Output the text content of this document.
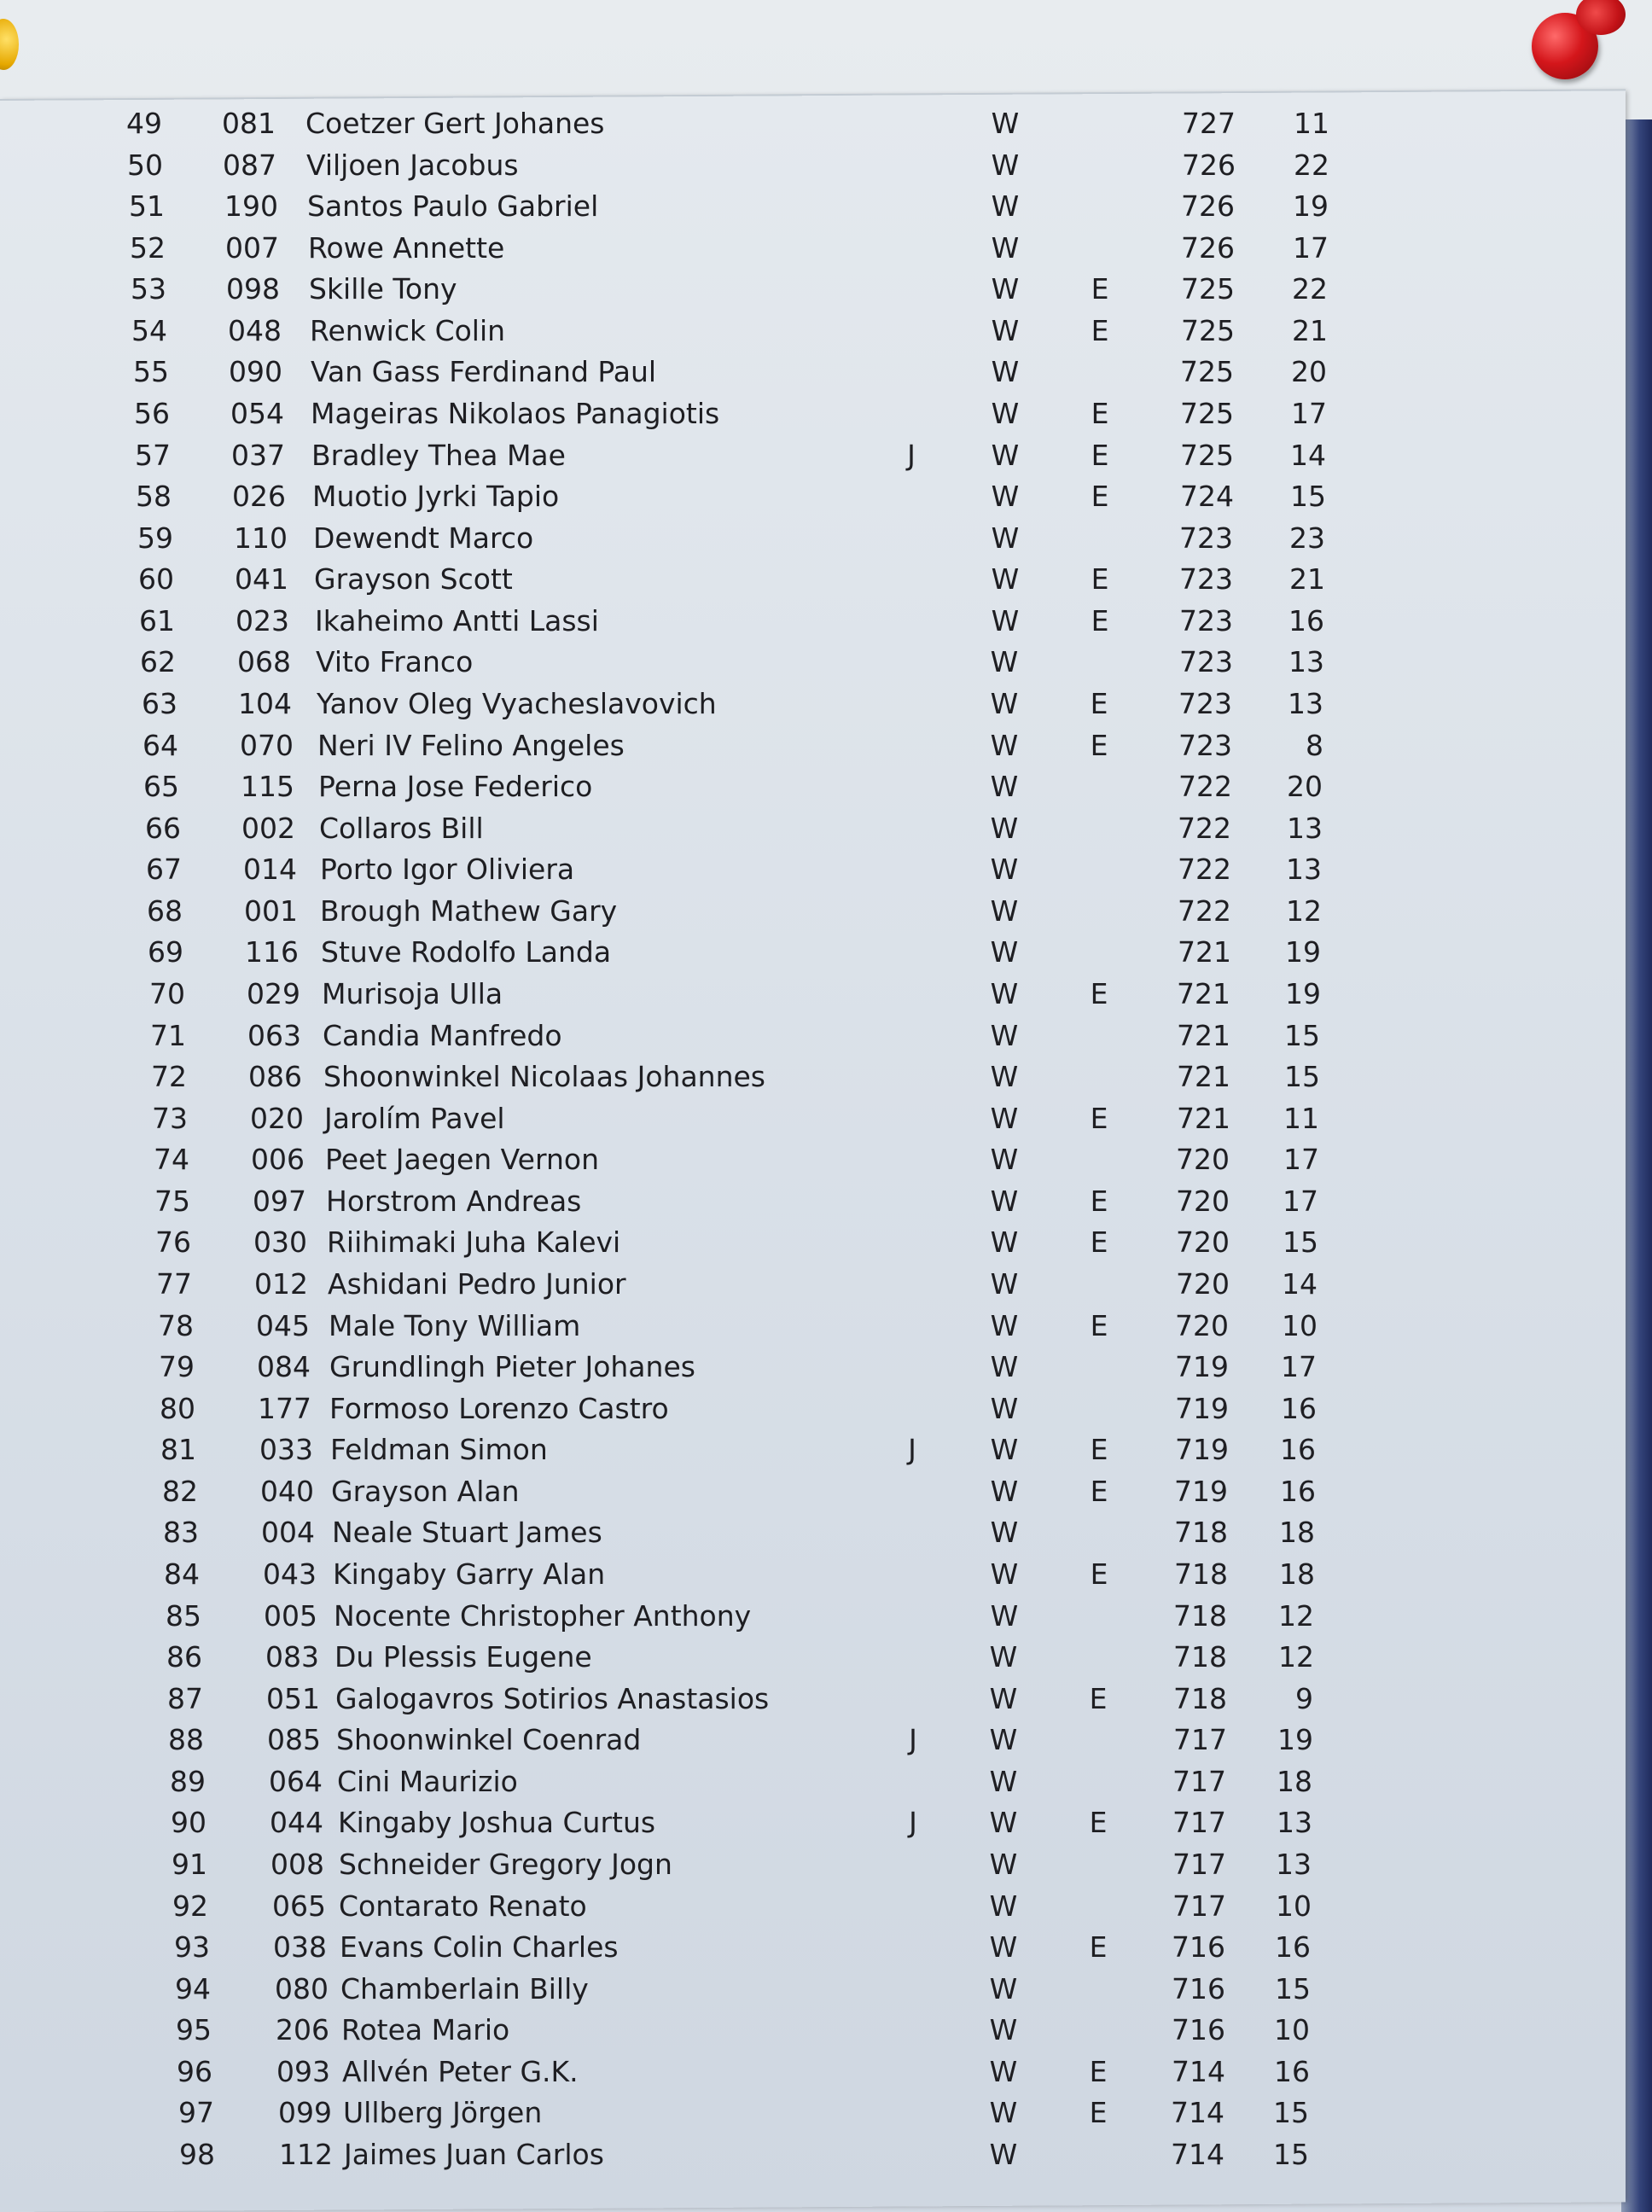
49 081 Coetzer Gert Johanes	W	727 11
50 087 Viljoen Jacobus	W	726 22
51 190 Santos Paulo Gabriel	W	726 19
52 007 Rowe Annette	W	726 17
53 098 Skille Tony	W	E	725 22
54 048 Renwick Colin	W	E	725 21
55 090 Van Gass Ferdinand Paul	W	725 20
56 054 Mageiras Nikolaos Panagiotis	W	E	725 17
57 037 Bradley Thea Mae	J	W	E	725 14
58 026 Muotio Jyrki Tapio	W	E	724 15
59 110 Dewendt Marco	W	723 23
60 041 Grayson Scott	W	E	723 21
61 023 Ikaheimo Antti Lassi	W	E	723 16
62 068 Vito Franco	W	723 13
63 104 Yanov Oleg Vyacheslavovich	W	E	723 13
64 070 Neri IV Felino Angeles	W	E	723	8
65 115 Perna Jose Federico	W	722 20
66 002 Collaros Bill	W	722 13
67 014 Porto Igor Oliviera	W	722 13
68 001 Brough Mathew Gary	W	722 12
69 116 Stuve Rodolfo Landa	W	721 19
70 029 Murisoja Ulla	W	E 721 19
71 063 Candia Manfredo	W	721 15
72 086 Shoonwinkel Nicolaas Johannes	W	721 15
73 020 Jarolím Pavel	W	E 721 11
74 006 Peet Jaegen Vernon	W	720 17
75 097 Horstrom Andreas	W	E 720 17
76 030 Riihimaki Juha Kalevi	W	E 720 15
77 012 Ashidani Pedro Junior	W	720 14
78 045 Male Tony William	W	E 720 10
79 084 Grundlingh Pieter Johanes	W	719 17
80 177 Formoso Lorenzo Castro	W	719 16
81 033 Feldman Simon	J	W	E 719 16
82 040 Grayson Alan	W	E 719 16
83 004 Neale Stuart James	W	718 18
84 043 Kingaby Garry Alan	W	E 718 18
85 005 Nocente Christopher Anthony	W	718 12
86 083 Du Plessis Eugene	W	718 12
87 051 Galogavros Sotirios Anastasios	W	E 718	9
88 085 Shoonwinkel Coenrad	J	W	717 19
89 064 Cini Maurizio	W	717 18
90 044 Kingaby Joshua Curtus	J	W	E 717 13
91 008 Schneider Gregory Jogn	W	717 13
92 065 Contarato Renato	W	717 10
93 038 Evans Colin Charles	W	E 716 16
94 080 Chamberlain Billy	W	716 15
95 206 Rotea Mario	W	716 10
96 093 Allvén Peter G.K.	W	E 714 16
97 099 Ullberg Jörgen	W	E 714 15
98 112 Jaimes Juan Carlos	W	714 15
